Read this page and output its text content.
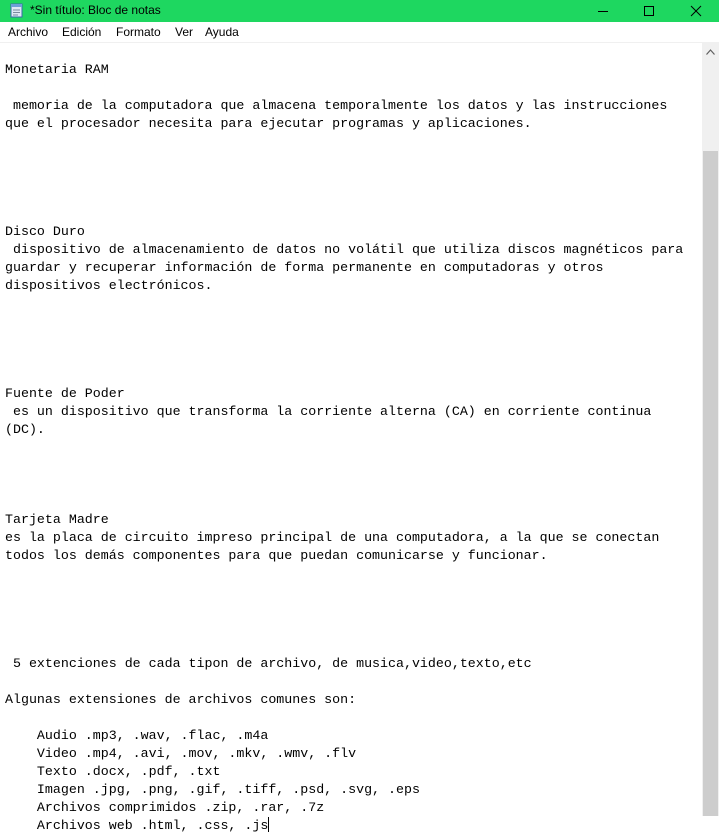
*Sin título: Bloc de notas
Archivo Edición Formato Ver Ayuda
Monetaria RAM

memoria de la computadora que almacena temporalmente los datos y las instrucciones
que el procesador necesita para ejecutar programas y aplicaciones.

Disco Duro
dispositivo de almacenamiento de datos no volátil que utiliza discos magnéticos para
guardar y recuperar información de forma permanente en computadoras y otros
dispositivos electrónicos.

Fuente de Poder
es un dispositivo que transforma la corriente alterna (CA) en corriente continua
(DC).

Tarjeta Madre
es la placa de circuito impreso principal de una computadora, a la que se conectan
todos los demás componentes para que puedan comunicarse y funcionar.

5 extenciones de cada tipon de archivo, de musica,video,texto,etc

Algunas extensiones de archivos comunes son:

Audio .mp3, .wav, .flac, .m4a
Video .mp4, .avi, .mov, .mkv, .wmv, .flv
Texto .docx, .pdf, .txt
Imagen .jpg, .png, .gif, .tiff, .psd, .svg, .eps
Archivos comprimidos .zip, .rar, .7z
Archivos web .html, .css, .js
